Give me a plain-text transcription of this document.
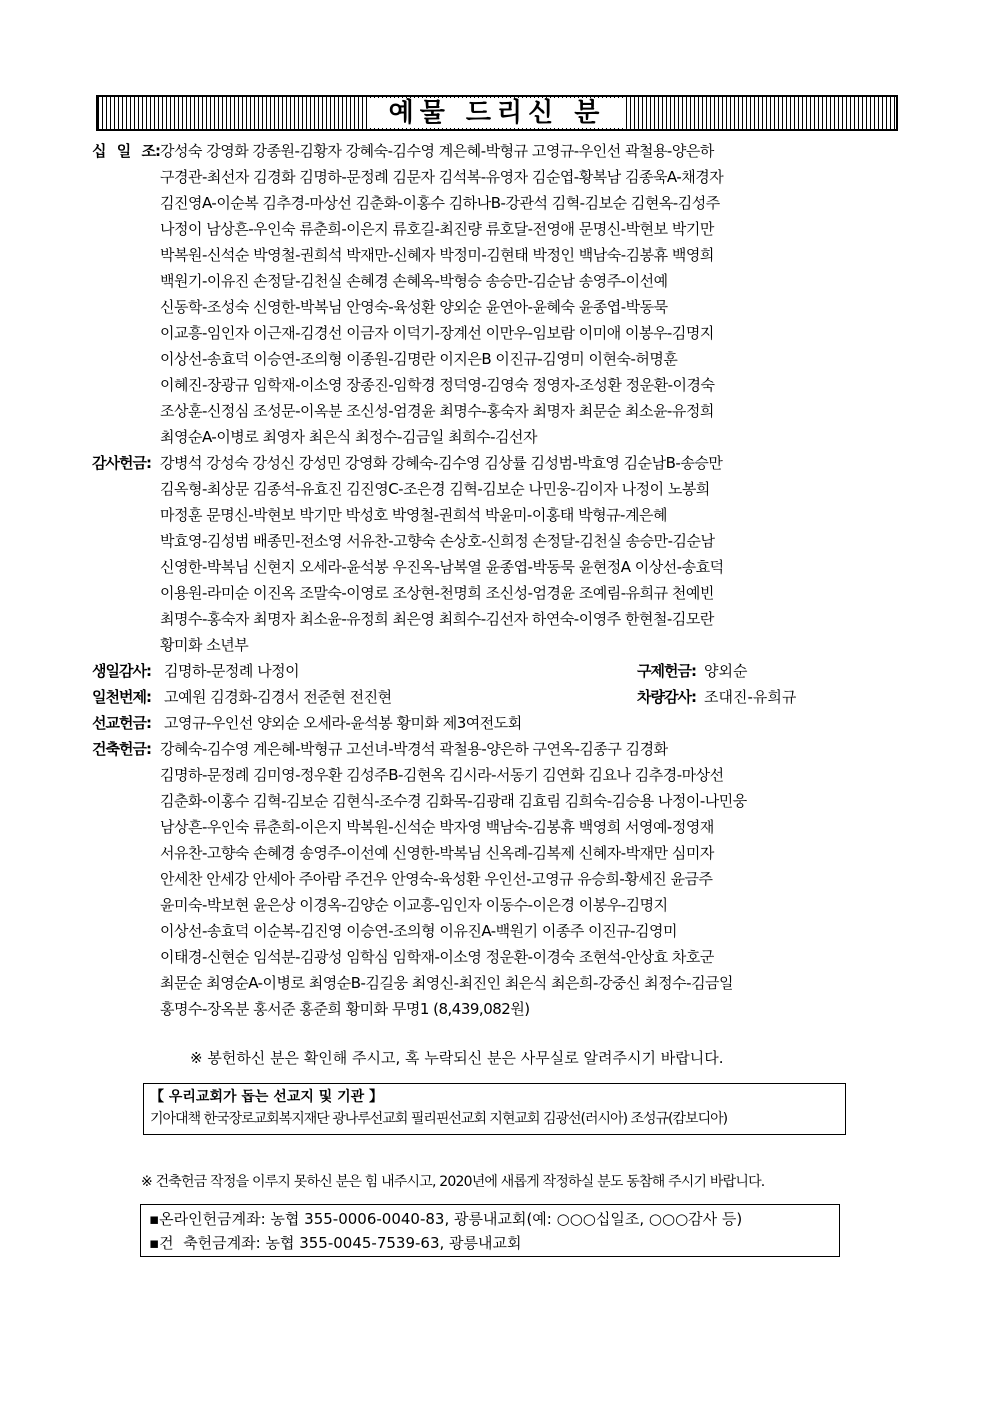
예물 드리신 분
십 일 조: 강성숙 강영화 강종원-김황자 강혜숙-김수영 계은혜-박형규 고영규-우인선 곽철용-양은하
구경관-최선자 김경화 김명하-문정례 김문자 김석복-유영자 김순엽-황복남 김종욱A-채경자
김진영A-이순복 김추경-마상선 김춘화-이홍수 김하나B-강관석 김혁-김보순 김현옥-김성주
나정이 남상흔-우인숙 류춘희-이은지 류호길-최진량 류호달-전영애 문명신-박현보 박기만
박복원-신석순 박영철-권희석 박재만-신혜자 박정미-김현태 박정인 백남숙-김봉휴 백영희
백원기-이유진 손정달-김천실 손혜경 손혜옥-박형승 송승만-김순남 송영주-이선예
신동학-조성숙 신영한-박복님 안영숙-육성환 양외순 윤연아-윤혜숙 윤종엽-박동묵
이교흥-임인자 이근재-김경선 이금자 이덕기-장계선 이만우-임보람 이미애 이봉우-김명지
이상선-송효덕 이승연-조의형 이종원-김명란 이지은B 이진규-김영미 이현숙-허명훈
이혜진-장광규 임학재-이소영 장종진-임학경 정덕영-김영숙 정영자-조성환 정운환-이경숙
조상훈-신정심 조성문-이옥분 조신성-엄경윤 최명수-홍숙자 최명자 최문순 최소윤-유정희
최영순A-이병로 최영자 최은식 최정수-김금일 최희수-김선자
감사헌금: 강병석 강성숙 강성신 강성민 강영화 강혜숙-김수영 김상률 김성범-박효영 김순남B-송승만
김옥형-최상문 김종석-유효진 김진영C-조은경 김혁-김보순 나민웅-김이자 나정이 노봉희
마정훈 문명신-박현보 박기만 박성호 박영철-권희석 박윤미-이홍태 박형규-계은혜
박효영-김성범 배종민-전소영 서유찬-고향숙 손상호-신희정 손정달-김천실 송승만-김순남
신영한-박복님 신현지 오세라-윤석봉 우진옥-남복열 윤종엽-박동묵 윤현정A 이상선-송효덕
이용원-라미순 이진옥 조말숙-이영로 조상현-천명희 조신성-엄경윤 조예림-유희규 천예빈
최명수-홍숙자 최명자 최소윤-유정희 최은영 최희수-김선자 하연숙-이영주 한현철-김모란
황미화 소년부
생일감사: 김명하-문정례 나정이	구제헌금: 양외순
일천번제: 고예원 김경화-김경서 전준현 전진현	차량감사: 조대진-유희규
선교헌금: 고영규-우인선 양외순 오세라-윤석봉 황미화 제3여전도회
건축헌금: 강혜숙-김수영 계은혜-박형규 고선녀-박경석 곽철용-양은하 구연옥-김종구 김경화
김명하-문정례 김미영-정우환 김성주B-김현옥 김시라-서동기 김연화 김요나 김추경-마상선
김춘화-이홍수 김혁-김보순 김현식-조수경 김화목-김광래 김효림 김희숙-김승용 나정이-나민웅
남상흔-우인숙 류춘희-이은지 박복원-신석순 박자영 백남숙-김봉휴 백영희 서영예-정영재
서유찬-고향숙 손혜경 송영주-이선예 신영한-박복님 신옥례-김복제 신혜자-박재만 심미자
안세찬 안세강 안세아 주아람 주건우 안영숙-육성환 우인선-고영규 유승희-황세진 윤금주
윤미숙-박보현 윤은상 이경옥-김양순 이교흥-임인자 이동수-이은경 이봉우-김명지
이상선-송효덕 이순복-김진영 이승연-조의형 이유진A-백원기 이종주 이진규-김영미
이태경-신현순 임석분-김광성 임학심 임학재-이소영 정운환-이경숙 조현석-안상효 차호군
최문순 최영순A-이병로 최영순B-김길웅 최영신-최진인 최은식 최은희-강중신 최정수-김금일
홍명수-장옥분 홍서준 홍준희 황미화 무명1 (8,439,082원)
※ 봉헌하신 분은 확인해 주시고, 혹 누락되신 분은 사무실로 알려주시기 바랍니다.
【 우리교회가 돕는 선교지 및 기관 】
기아대책 한국장로교회복지재단 광나루선교회 필리핀선교회 지현교회 김광선(러시아) 조성규(캄보디아)
※ 건축헌금 작정을 이루지 못하신 분은 힘 내주시고, 2020년에 새롭게 작정하실 분도 동참해 주시기 바랍니다.
▪온라인헌금계좌: 농협 355-0006-0040-83, 광릉내교회(예: ○○○십일조, ○○○감사 등)
▪건  축헌금계좌: 농협 355-0045-7539-63, 광릉내교회
